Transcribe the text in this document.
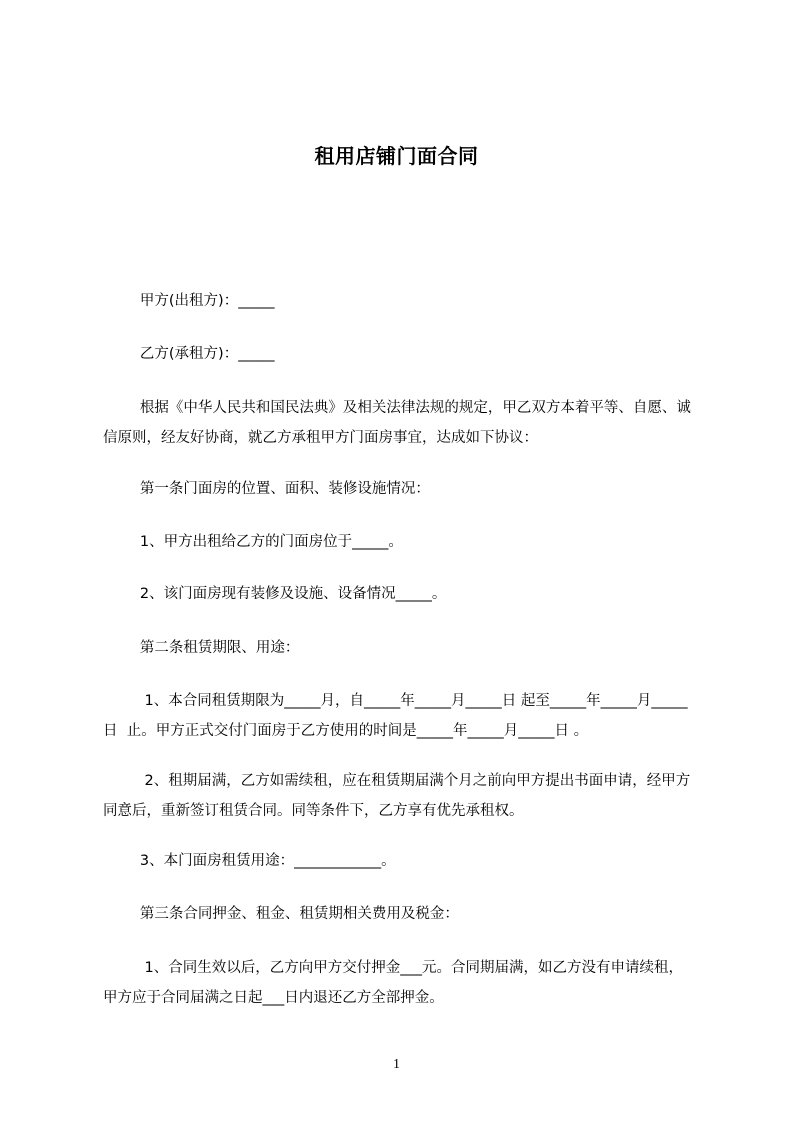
租用店铺门面合同
甲方(出租方)：_____
乙方(承租方)：_____
根据《中华人民共和国民法典》及相关法律法规的规定，甲乙双方本着平等、自愿、诚信原则，经友好协商，就乙方承租甲方门面房事宜，达成如下协议：
第一条门面房的位置、面积、装修设施情况：
1、甲方出租给乙方的门面房位于_____。
2、该门面房现有装修及设施、设备情况_____。
第二条租赁期限、用途：
1、本合同租赁期限为_____月，自_____年_____月_____日 起至_____年_____月_____日  止。甲方正式交付门面房于乙方使用的时间是_____年_____月_____日 。
2、租期届满，乙方如需续租，应在租赁期届满个月之前向甲方提出书面申请，经甲方同意后，重新签订租赁合同。同等条件下，乙方享有优先承租权。
3、本门面房租赁用途：____________。
第三条合同押金、租金、租赁期相关费用及税金：
1、合同生效以后，乙方向甲方交付押金___元。合同期届满，如乙方没有申请续租，甲方应于合同届满之日起___日内退还乙方全部押金。
1
